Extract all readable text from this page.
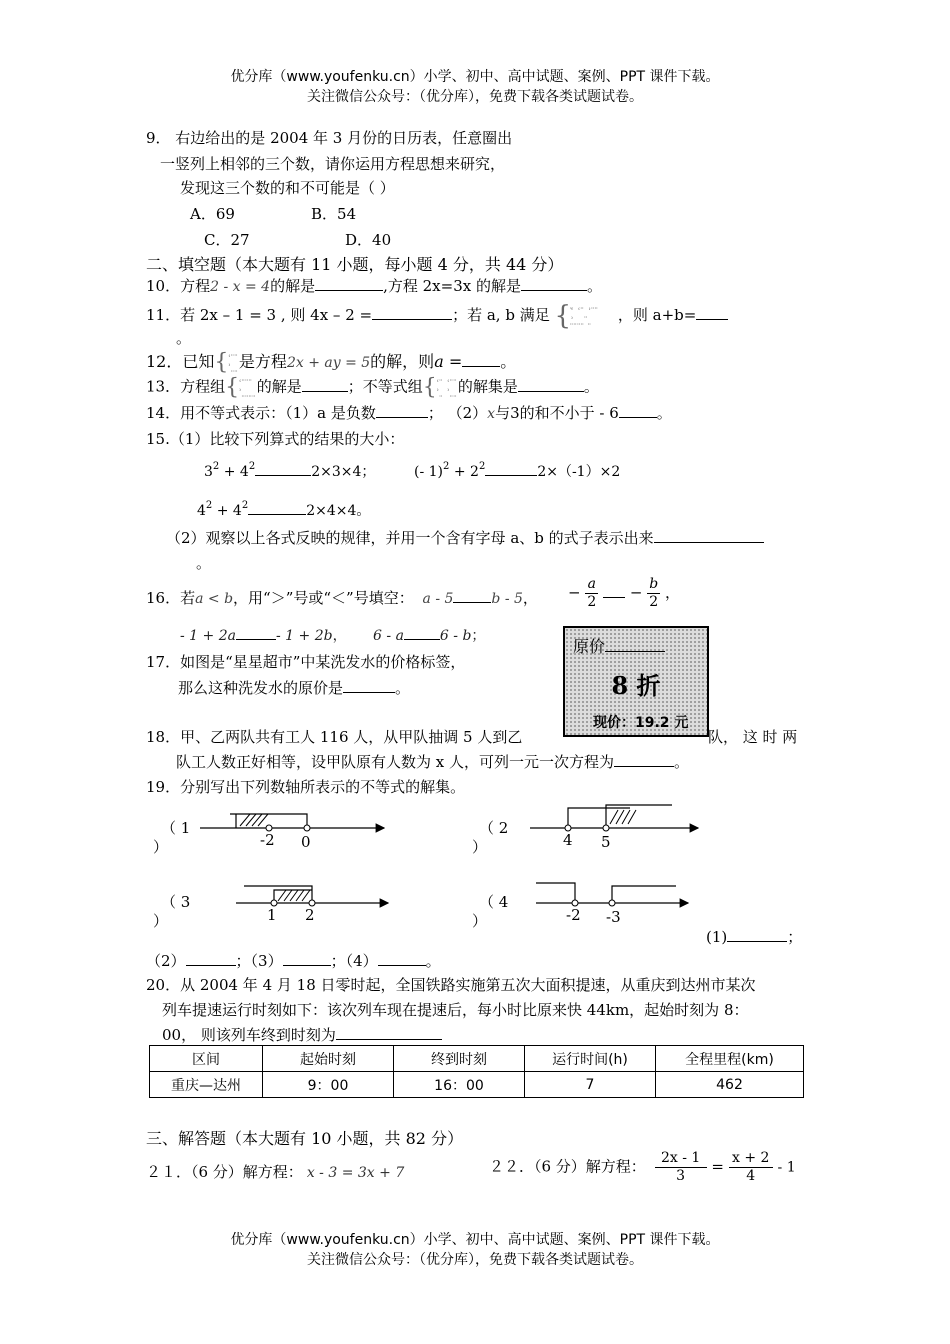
优分库（www.youfenku.cn）小学、初中、高中试题、案例、PPT 课件下载。
关注微信公众号：（优分库），免费下载各类试题试卷。
9． 右边给出的是 2004 年 3 月份的日历表，任意圈出
一竖列上相邻的三个数，请你运用方程思想来研究，
发现这三个数的和不可能是（ ）
A．69	B．54
C．27	D．40
二、填空题（本大题有 11 小题，每小题 4 分，共 44 分）
10．方程2 - x = 4的解是	,方程 2x=3x 的解是	。
11．若 2x – 1 = 3 , 则 4x – 2 =	；若 a, b 满足 {ʿ̈ ʿ ̈ ʾ ̈ ̈
ʾ̤ ̤ ̤ ̤ ̈ ̤ ，则 a+b=
。
12．已知{ʿ ̈ ̈
ʾ ̤ ̤是方程2x + ay = 5的解，则a = 。
13．方程组{ʿ ̈ ̈ ̈
ʾ ̤ ̤ ̤ ̤的解是	；不等式组{ʿ ̈ ʿ ̈ ̈
ʾ ̤ ʾ ̤ ̤的解集是	。
14．用不等式表示：（1）a 是负数	； （2）x与3的和不小于 - 6	。
15.（1）比较下列算式的结果的大小：
$3^2 + 4^2$	2×3×4；	(- $1)^2 + 2^2$	2×（-1）×2
$4^2 + 4^2$	2×4×4。
（2）观察以上各式反映的规律，并用一个含有字母 a、b 的式子表示出来
。
16．若a < b，用“＞”号或“＜”号填空： a - 5	b - 5， − $\frac{a}{2} - \frac{b}{2}$ ，
- 1 + 2a	- 1 + 2b， 6 - a	6 - b；
原价
8 折
现价：19.2 元
17．如图是“星星超市”中某洗发水的价格标签，
那么这种洗发水的原价是	。
18．甲、乙两队共有工人 116 人，从甲队抽调 5 人到乙	队， 这 时 两
队工人数正好相等，设甲队原有人数为 x 人，可列一元一次方程为	。
19．分别写出下列数轴所表示的不等式的解集。
（ 1
）	-2 0
（ 2
）	4 5
（ 3
）	1 2
（ 4
）	-2 -3
(1)	；
（2）	；（3）	；（4）	。
20．从 2004 年 4 月 18 日零时起，全国铁路实施第五次大面积提速，从重庆到达州市某次
列车提速运行时刻如下：该次列车现在提速后，每小时比原来快 44km，起始时刻为 8：
00， 则该列车终到时刻为
区间	起始时刻	终到时刻	运行时间(h)	全程里程(km)
重庆—达州	9：00	16：00	7	462
三、解答题（本大题有 10 小题，共 82 分）
２１．（6 分）解方程： x - 3 = 3x + 7	２２．（6 分）解方程： $\frac{2x - 1}{3} = \frac{x + 2}{4} - 1$
优分库（www.youfenku.cn）小学、初中、高中试题、案例、PPT 课件下载。
关注微信公众号：（优分库），免费下载各类试题试卷。
